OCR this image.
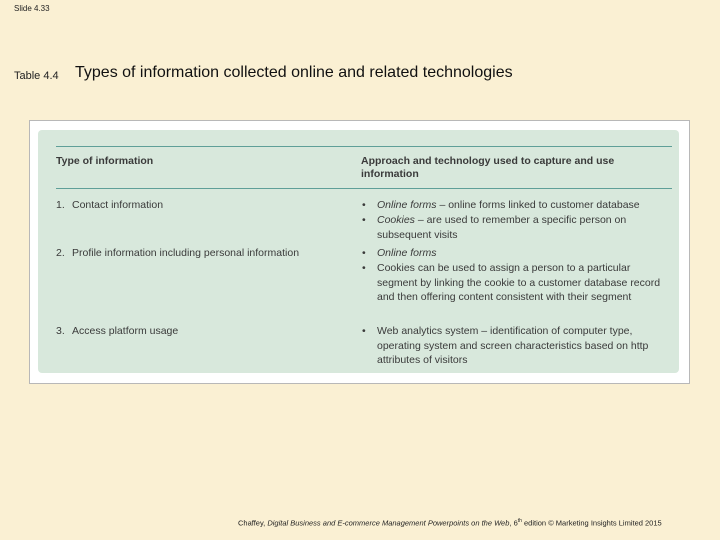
Slide 4.33
Table 4.4 Types of information collected online and related technologies
Type of information	Approach and technology used to capture and use information
1. Contact information	• Online forms – online forms linked to customer database
• Cookies – are used to remember a specific person on subsequent visits
2. Profile information including personal information	• Online forms
• Cookies can be used to assign a person to a particular segment by linking the cookie to a customer database record and then offering content consistent with their segment
3. Access platform usage	• Web analytics system – identification of computer type, operating system and screen characteristics based on http attributes of visitors
Chaffey, Digital Business and E-commerce Management Powerpoints on the Web, 6th edition © Marketing Insights Limited 2015
